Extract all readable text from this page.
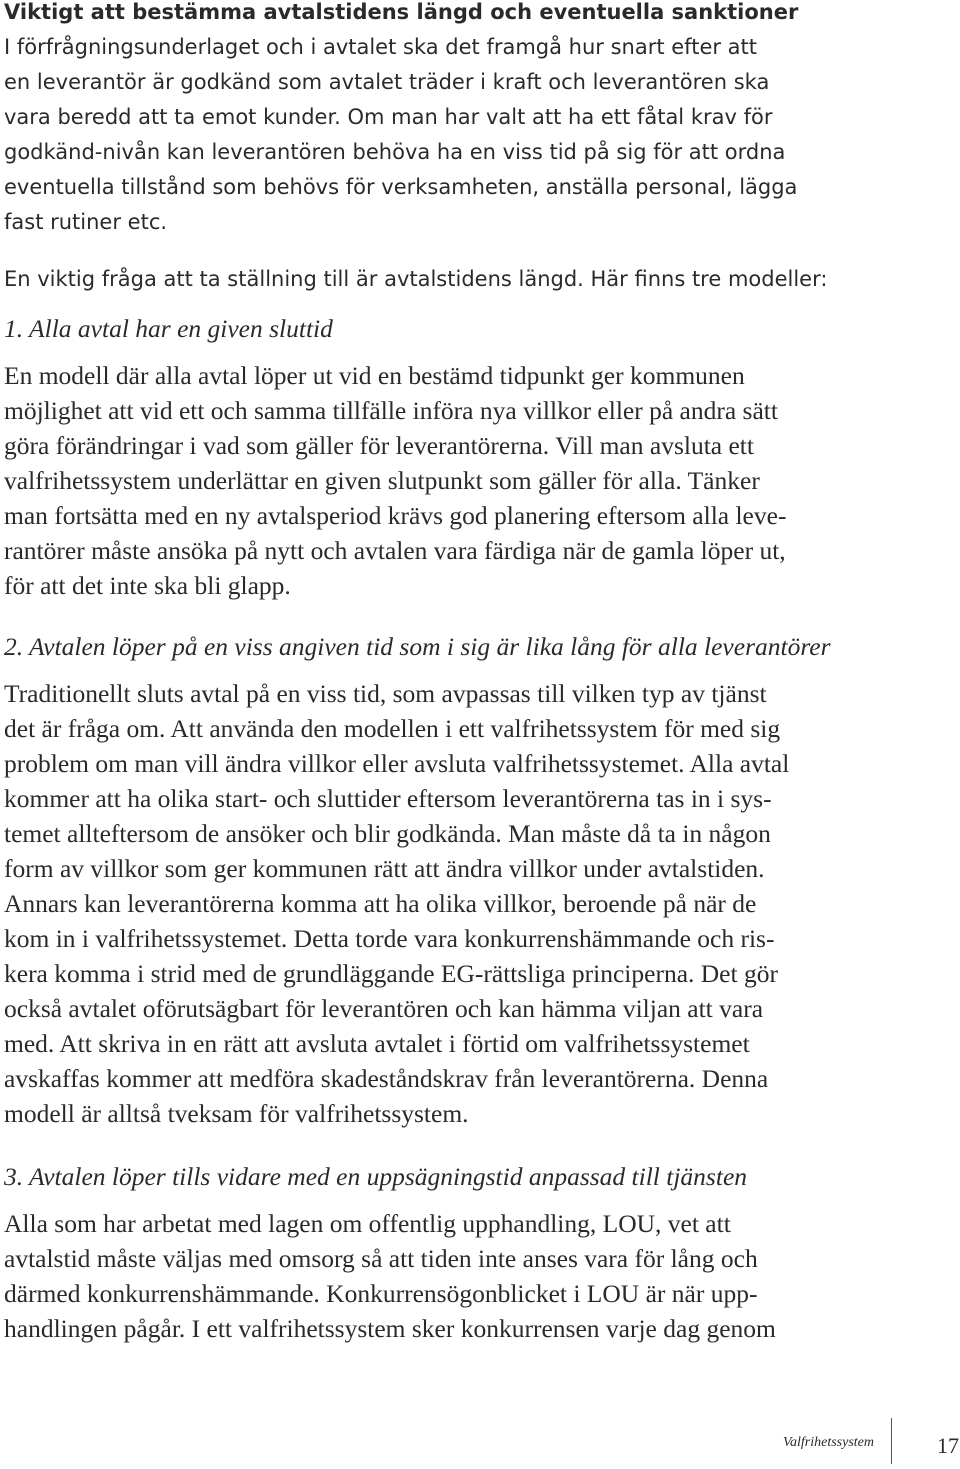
Viktigt att bestämma avtalstidens längd och eventuella sanktioner
I förfrågningsunderlaget och i avtalet ska det framgå hur snart efter att
en leverantör är godkänd som avtalet träder i kraft och leverantören ska
vara beredd att ta emot kunder. Om man har valt att ha ett fåtal krav för
godkänd-nivån kan leverantören behöva ha en viss tid på sig för att ordna
eventuella tillstånd som behövs för verksamheten, anställa personal, lägga
fast rutiner etc.
En viktig fråga att ta ställning till är avtalstidens längd. Här finns tre modeller:
1. Alla avtal har en given sluttid
En modell där alla avtal löper ut vid en bestämd tidpunkt ger kommunen
möjlighet att vid ett och samma tillfälle införa nya villkor eller på andra sätt
göra förändringar i vad som gäller för leverantörerna. Vill man avsluta ett
valfrihetssystem underlättar en given slutpunkt som gäller för alla. Tänker
man fortsätta med en ny avtalsperiod krävs god planering eftersom alla leve-
rantörer måste ansöka på nytt och avtalen vara färdiga när de gamla löper ut,
för att det inte ska bli glapp.
2. Avtalen löper på en viss angiven tid som i sig är lika lång för alla leverantörer
Traditionellt sluts avtal på en viss tid, som avpassas till vilken typ av tjänst
det är fråga om. Att använda den modellen i ett valfrihetssystem för med sig
problem om man vill ändra villkor eller avsluta valfrihetssystemet. Alla avtal
kommer att ha olika start- och sluttider eftersom leverantörerna tas in i sys-
temet allteftersom de ansöker och blir godkända. Man måste då ta in någon
form av villkor som ger kommunen rätt att ändra villkor under avtalstiden.
Annars kan leverantörerna komma att ha olika villkor, beroende på när de
kom in i valfrihetssystemet. Detta torde vara konkurrenshämmande och ris-
kera komma i strid med de grundläggande EG-rättsliga principerna. Det gör
också avtalet oförutsägbart för leverantören och kan hämma viljan att vara
med. Att skriva in en rätt att avsluta avtalet i förtid om valfrihetssystemet
avskaffas kommer att medföra skadeståndskrav från leverantörerna. Denna
modell är alltså tveksam för valfrihetssystem.
3. Avtalen löper tills vidare med en uppsägningstid anpassad till tjänsten
Alla som har arbetat med lagen om offentlig upphandling, LOU, vet att
avtalstid måste väljas med omsorg så att tiden inte anses vara för lång och
därmed konkurrenshämmande. Konkurrensögonblicket i LOU är när upp-
handlingen pågår. I ett valfrihetssystem sker konkurrensen varje dag genom
Valfrihetssystem	17
